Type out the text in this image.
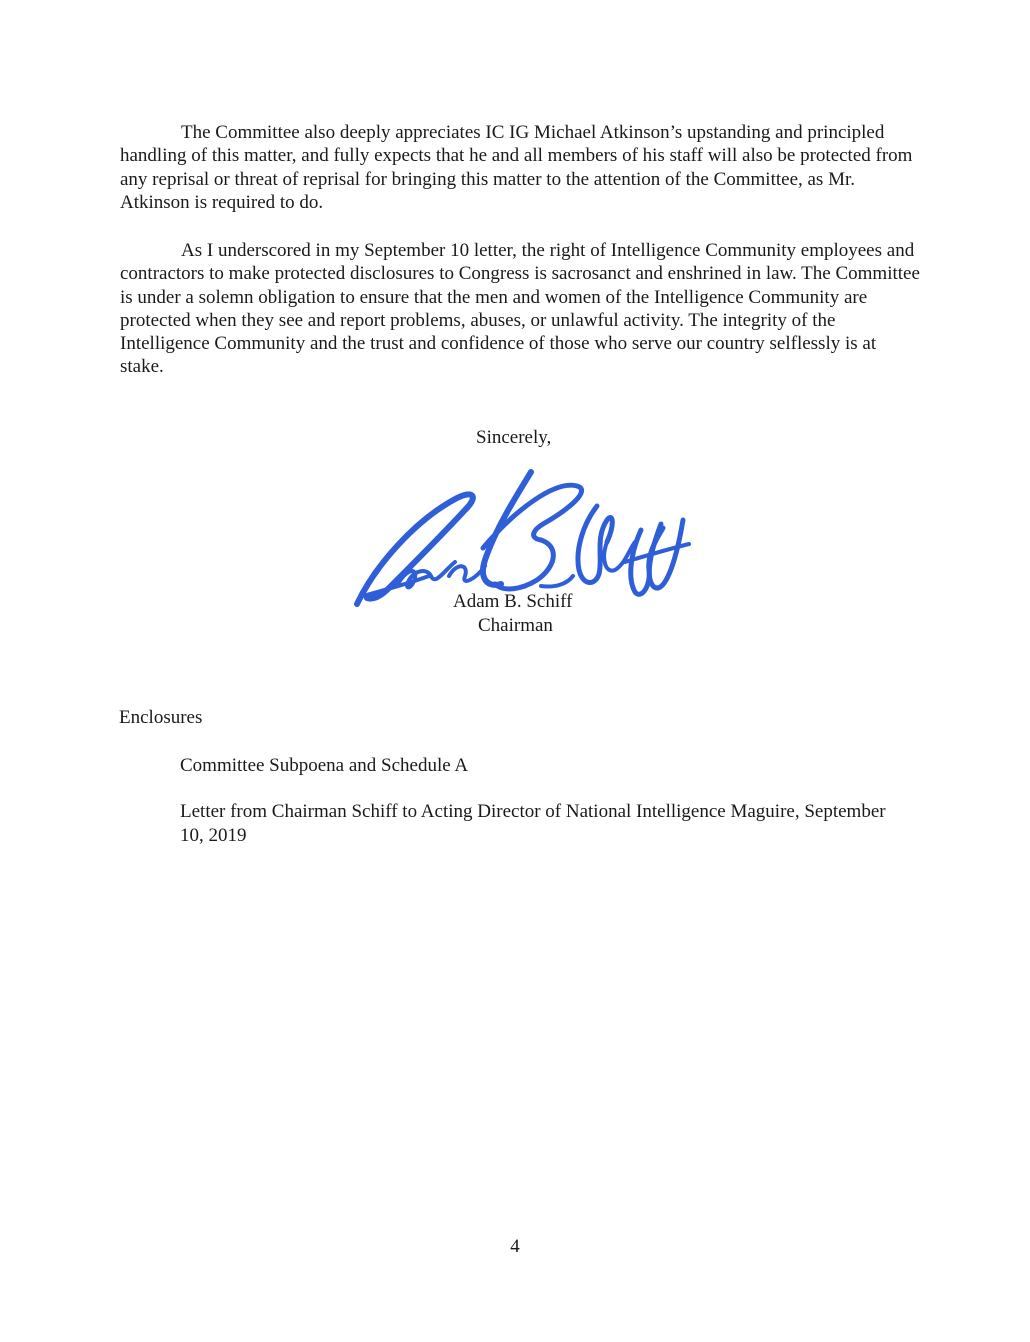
The Committee also deeply appreciates IC IG Michael Atkinson’s upstanding and principled handling of this matter, and fully expects that he and all members of his staff will also be protected from any reprisal or threat of reprisal for bringing this matter to the attention of the Committee, as Mr. Atkinson is required to do.

As I underscored in my September 10 letter, the right of Intelligence Community employees and contractors to make protected disclosures to Congress is sacrosanct and enshrined in law. The Committee is under a solemn obligation to ensure that the men and women of the Intelligence Community are protected when they see and report problems, abuses, or unlawful activity. The integrity of the Intelligence Community and the trust and confidence of those who serve our country selflessly is at stake.

Sincerely,
Adam B. Schiff
Chairman
Enclosures
Committee Subpoena and Schedule A
Letter from Chairman Schiff to Acting Director of National Intelligence Maguire, September 10, 2019
4
